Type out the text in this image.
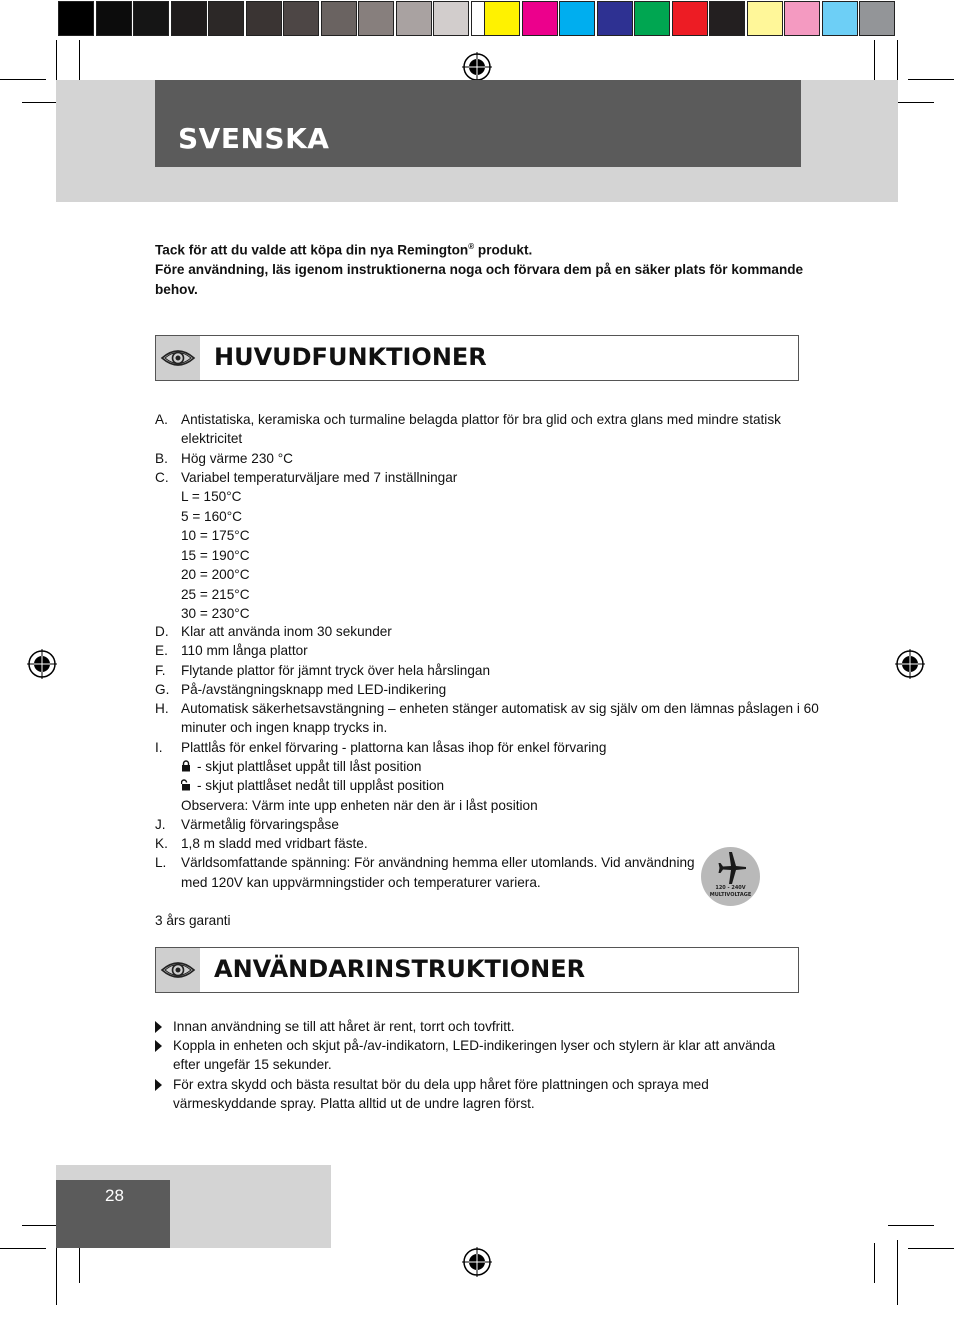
SVENSKA

Tack för att du valde att köpa din nya Remington® produkt.

Före användning, läs igenom instruktionerna noga och förvara dem på en säker plats för kommande behov.

HUVUDFUNKTIONER
A. Antistatiska, keramiska och turmaline belagda plattor för bra glid och extra glans med mindre statisk elektricitet
B. Hög värme 230 °C
C. Variabel temperaturväljare med 7 inställningar
L = 150°C
5 = 160°C
10 = 175°C
15 = 190°C
20 = 200°C
25 = 215°C
30 = 230°C
D. Klar att använda inom 30 sekunder
E. 110 mm långa plattor
F. Flytande plattor för jämnt tryck över hela hårslingan
G. På-/avstängningsknapp med LED-indikering
H. Automatisk säkerhetsavstängning – enheten stänger automatisk av sig själv om den lämnas påslagen i 60 minuter och ingen knapp trycks in.
I. Plattlås för enkel förvaring - plattorna kan låsas ihop för enkel förvaring
- skjut plattlåset uppåt till låst position
- skjut plattlåset nedåt till upplåst position
Observera: Värm inte upp enheten när den är i låst position
J. Värmetålig förvaringspåse
K. 1,8 m sladd med vridbart fäste.
L. Världsomfattande spänning: För användning hemma eller utomlands. Vid användning
med 120V kan uppvärmningstider och temperaturer variera.
3 års garanti
120 - 240V
MULTIVOLTAGE
ANVÄNDARINSTRUKTIONER
Innan användning se till att håret är rent, torrt och tovfritt.
Koppla in enheten och skjut på-/av-indikatorn, LED-indikeringen lyser och stylern är klar att använda efter ungefär 15 sekunder.
För extra skydd och bästa resultat bör du dela upp håret före plattningen och spraya med värmeskyddande spray. Platta alltid ut de undre lagren först.
28
